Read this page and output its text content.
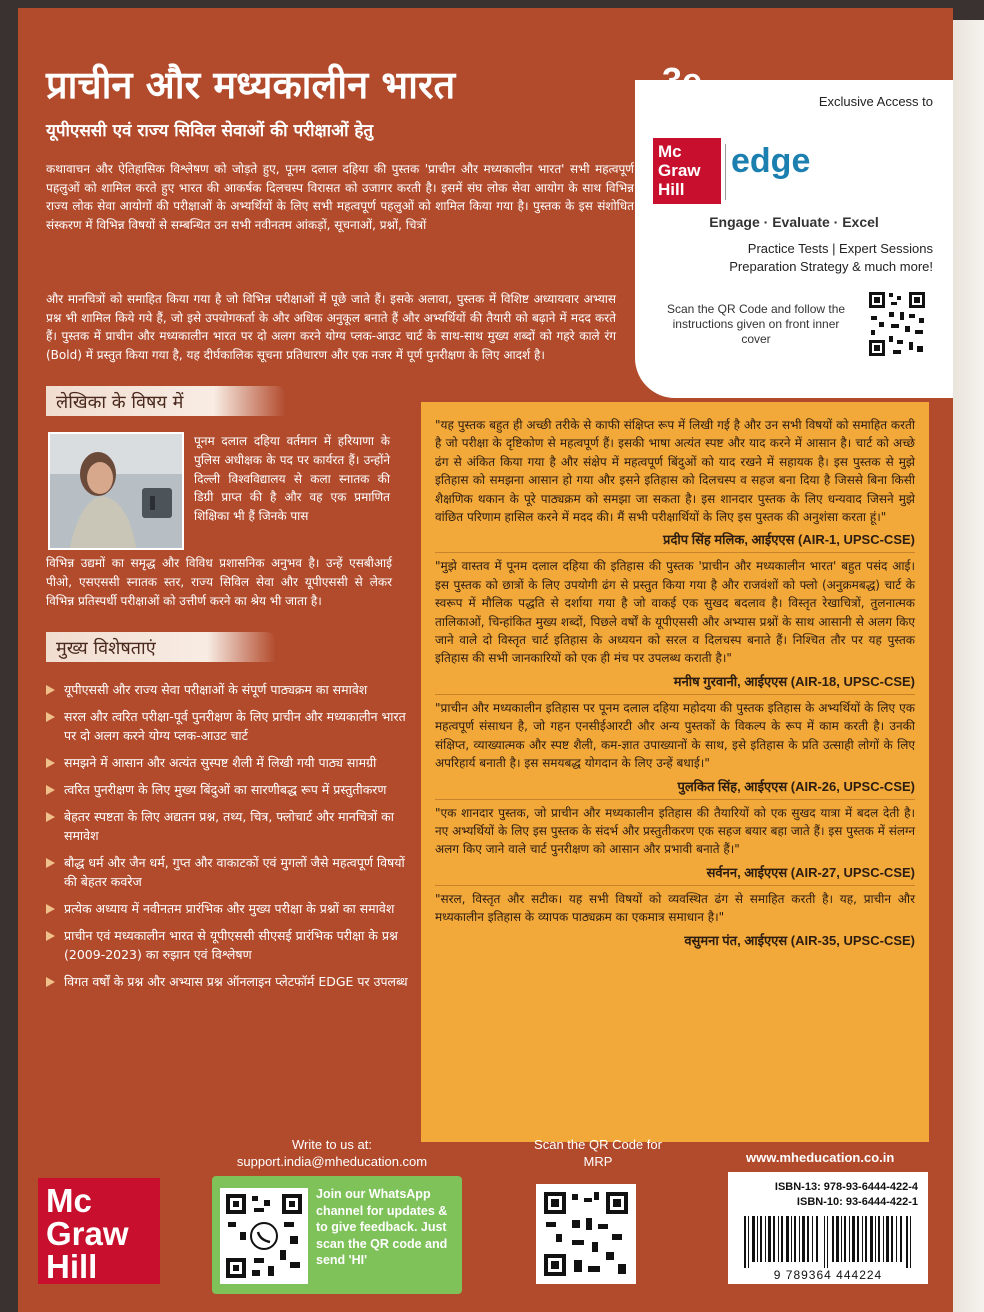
प्राचीन और मध्यकालीन भारत
यूपीएससी एवं राज्य सिविल सेवाओं की परीक्षाओं हेतु
Exclusive Access to
Mc
Graw
Hill
edge
Engage · Evaluate · Excel
Practice Tests | Expert Sessions
Preparation Strategy & much more!
Scan the QR Code and follow the instructions given on front inner cover
3e

कथावाचन और ऐतिहासिक विश्लेषण को जोड़ते हुए, पूनम दलाल दहिया की पुस्तक 'प्राचीन और मध्यकालीन भारत' सभी महत्वपूर्ण पहलुओं को शामिल करते हुए भारत की आकर्षक दिलचस्प विरासत को उजागर करती है। इसमें संघ लोक सेवा आयोग के साथ विभिन्न राज्य लोक सेवा आयोगों की परीक्षाओं के अभ्यर्थियों के लिए सभी महत्वपूर्ण पहलुओं को शामिल किया गया है। पुस्तक के इस संशोधित संस्करण में विभिन्न विषयों से सम्बन्धित उन सभी नवीनतम आंकड़ों, सूचनाओं, प्रश्नों, चित्रों

और मानचित्रों को समाहित किया गया है जो विभिन्न परीक्षाओं में पूछे जाते हैं। इसके अलावा, पुस्तक में विशिष्ट अध्यायवार अभ्यास प्रश्न भी शामिल किये गये हैं, जो इसे उपयोगकर्ता के और अधिक अनुकूल बनाते हैं और अभ्यर्थियों की तैयारी को बढ़ाने में मदद करते हैं। पुस्तक में प्राचीन और मध्यकालीन भारत पर दो अलग करने योग्य प्लक-आउट चार्ट के साथ-साथ मुख्य शब्दों को गहरे काले रंग (Bold) में प्रस्तुत किया गया है, यह दीर्घकालिक सूचना प्रतिधारण और एक नजर में पूर्ण पुनरीक्षण के लिए आदर्श है।

लेखिका के विषय में

पूनम दलाल दहिया वर्तमान में हरियाणा के पुलिस अधीक्षक के पद पर कार्यरत हैं। उन्होंने दिल्ली विश्वविद्यालय से कला स्नातक की डिग्री प्राप्त की है और वह एक प्रमाणित शिक्षिका भी हैं जिनके पास

विभिन्न उद्यमों का समृद्ध और विविध प्रशासनिक अनुभव है। उन्हें एसबीआई पीओ, एसएससी स्नातक स्तर, राज्य सिविल सेवा और यूपीएससी से लेकर विभिन्न प्रतिस्पर्धी परीक्षाओं को उत्तीर्ण करने का श्रेय भी जाता है।

मुख्य विशेषताएं
यूपीएससी और राज्य सेवा परीक्षाओं के संपूर्ण पाठ्यक्रम का समावेश
सरल और त्वरित परीक्षा-पूर्व पुनरीक्षण के लिए प्राचीन और मध्यकालीन भारत पर दो अलग करने योग्य प्लक-आउट चार्ट
समझने में आसान और अत्यंत सुस्पष्ट शैली में लिखी गयी पाठ्य सामग्री
त्वरित पुनरीक्षण के लिए मुख्य बिंदुओं का सारणीबद्ध रूप में प्रस्तुतीकरण
बेहतर स्पष्टता के लिए अद्यतन प्रश्न, तथ्य, चित्र, फ्लोचार्ट और मानचित्रों का समावेश
बौद्ध धर्म और जैन धर्म, गुप्त और वाकाटकों एवं मुगलों जैसे महत्वपूर्ण विषयों की बेहतर कवरेज
प्रत्येक अध्याय में नवीनतम प्रारंभिक और मुख्य परीक्षा के प्रश्नों का समावेश
प्राचीन एवं मध्यकालीन भारत से यूपीएससी सीएसई प्रारंभिक परीक्षा के प्रश्न (2009-2023) का रुझान एवं विश्लेषण
विगत वर्षों के प्रश्न और अभ्यास प्रश्न ऑनलाइन प्लेटफॉर्म EDGE पर उपलब्ध

"यह पुस्तक बहुत ही अच्छी तरीके से काफी संक्षिप्त रूप में लिखी गई है और उन सभी विषयों को समाहित करती है जो परीक्षा के दृष्टिकोण से महत्वपूर्ण हैं। इसकी भाषा अत्यंत स्पष्ट और याद करने में आसान है। चार्ट को अच्छे ढंग से अंकित किया गया है और संक्षेप में महत्वपूर्ण बिंदुओं को याद रखने में सहायक है। इस पुस्तक से मुझे इतिहास को समझना आसान हो गया और इसने इतिहास को दिलचस्प व सहज बना दिया है जिससे बिना किसी शैक्षणिक थकान के पूरे पाठ्यक्रम को समझा जा सकता है। इस शानदार पुस्तक के लिए धन्यवाद जिसने मुझे वांछित परिणाम हासिल करने में मदद की। मैं सभी परीक्षार्थियों के लिए इस पुस्तक की अनुशंसा करता हूं।"

प्रदीप सिंह मलिक, आईएएस (AIR-1, UPSC-CSE)

"मुझे वास्तव में पूनम दलाल दहिया की इतिहास की पुस्तक 'प्राचीन और मध्यकालीन भारत' बहुत पसंद आई। इस पुस्तक को छात्रों के लिए उपयोगी ढंग से प्रस्तुत किया गया है और राजवंशों को फ्लो (अनुक्रमबद्ध) चार्ट के स्वरूप में मौलिक पद्धति से दर्शाया गया है जो वाकई एक सुखद बदलाव है। विस्तृत रेखाचित्रों, तुलनात्मक तालिकाओं, चिन्हांकित मुख्य शब्दों, पिछले वर्षों के यूपीएससी और अभ्यास प्रश्नों के साथ आसानी से अलग किए जाने वाले दो विस्तृत चार्ट इतिहास के अध्ययन को सरल व दिलचस्प बनाते हैं। निश्चित तौर पर यह पुस्तक इतिहास की सभी जानकारियों को एक ही मंच पर उपलब्ध कराती है।"

मनीष गुरवानी, आईएएस (AIR-18, UPSC-CSE)

"प्राचीन और मध्यकालीन इतिहास पर पूनम दलाल दहिया महोदया की पुस्तक इतिहास के अभ्यर्थियों के लिए एक महत्वपूर्ण संसाधन है, जो गहन एनसीईआरटी और अन्य पुस्तकों के विकल्प के रूप में काम करती है। उनकी संक्षिप्त, व्याख्यात्मक और स्पष्ट शैली, कम-ज्ञात उपाख्यानों के साथ, इसे इतिहास के प्रति उत्साही लोगों के लिए अपरिहार्य बनाती है। इस समयबद्ध योगदान के लिए उन्हें बधाई।"

पुलकित सिंह, आईएएस (AIR-26, UPSC-CSE)

"एक शानदार पुस्तक, जो प्राचीन और मध्यकालीन इतिहास की तैयारियों को एक सुखद यात्रा में बदल देती है। नए अभ्यर्थियों के लिए इस पुस्तक के संदर्भ और प्रस्तुतीकरण एक सहज बयार बहा जाते हैं। इस पुस्तक में संलग्न अलग किए जाने वाले चार्ट पुनरीक्षण को आसान और प्रभावी बनाते हैं।"

सर्वनन, आईएएस (AIR-27, UPSC-CSE)

"सरल, विस्तृत और सटीक। यह सभी विषयों को व्यवस्थित ढंग से समाहित करती है। यह, प्राचीन और मध्यकालीन इतिहास के व्यापक पाठ्यक्रम का एकमात्र समाधान है।"

वसुमना पंत, आईएएस (AIR-35, UPSC-CSE)
Mc
Graw
Hill
Write to us at:
support.india@mheducation.com
Join our WhatsApp channel for updates & to give feedback. Just scan the QR code and send 'HI'
Scan the QR Code for MRP	www.mheducation.co.in
ISBN-13: 978-93-6444-422-4
ISBN-10: 93-6444-422-1
9 789364 444224
